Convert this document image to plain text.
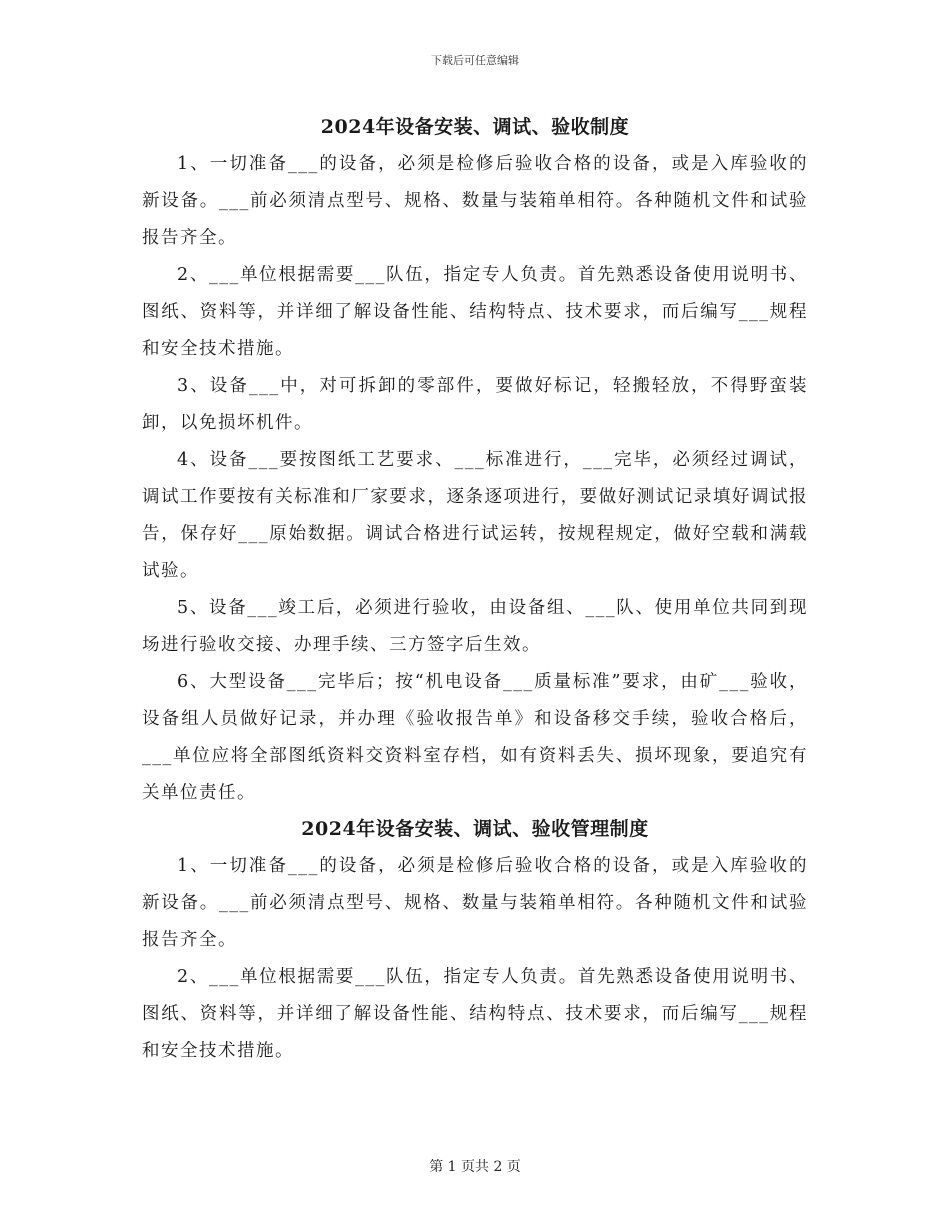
下载后可任意编辑
2024年设备安装、调试、验收制度

1、一切准备___的设备，必须是检修后验收合格的设备，或是入库验收的新设备。___前必须清点型号、规格、数量与装箱单相符。各种随机文件和试验报告齐全。

2、___单位根据需要___队伍，指定专人负责。首先熟悉设备使用说明书、图纸、资料等，并详细了解设备性能、结构特点、技术要求，而后编写___规程和安全技术措施。

3、设备___中，对可拆卸的零部件，要做好标记，轻搬轻放，不得野蛮装卸，以免损坏机件。

4、设备___要按图纸工艺要求、___标准进行，___完毕，必须经过调试，调试工作要按有关标准和厂家要求，逐条逐项进行，要做好测试记录填好调试报告，保存好___原始数据。调试合格进行试运转，按规程规定，做好空载和满载试验。

5、设备___竣工后，必须进行验收，由设备组、___队、使用单位共同到现场进行验收交接、办理手续、三方签字后生效。

6、大型设备___完毕后；按“机电设备___质量标准”要求，由矿___验收，设备组人员做好记录，并办理《验收报告单》和设备移交手续，验收合格后，___单位应将全部图纸资料交资料室存档，如有资料丢失、损坏现象，要追究有关单位责任。

2024年设备安装、调试、验收管理制度

1、一切准备___的设备，必须是检修后验收合格的设备，或是入库验收的新设备。___前必须清点型号、规格、数量与装箱单相符。各种随机文件和试验报告齐全。

2、___单位根据需要___队伍，指定专人负责。首先熟悉设备使用说明书、图纸、资料等，并详细了解设备性能、结构特点、技术要求，而后编写___规程和安全技术措施。

第 1 页共 2 页
